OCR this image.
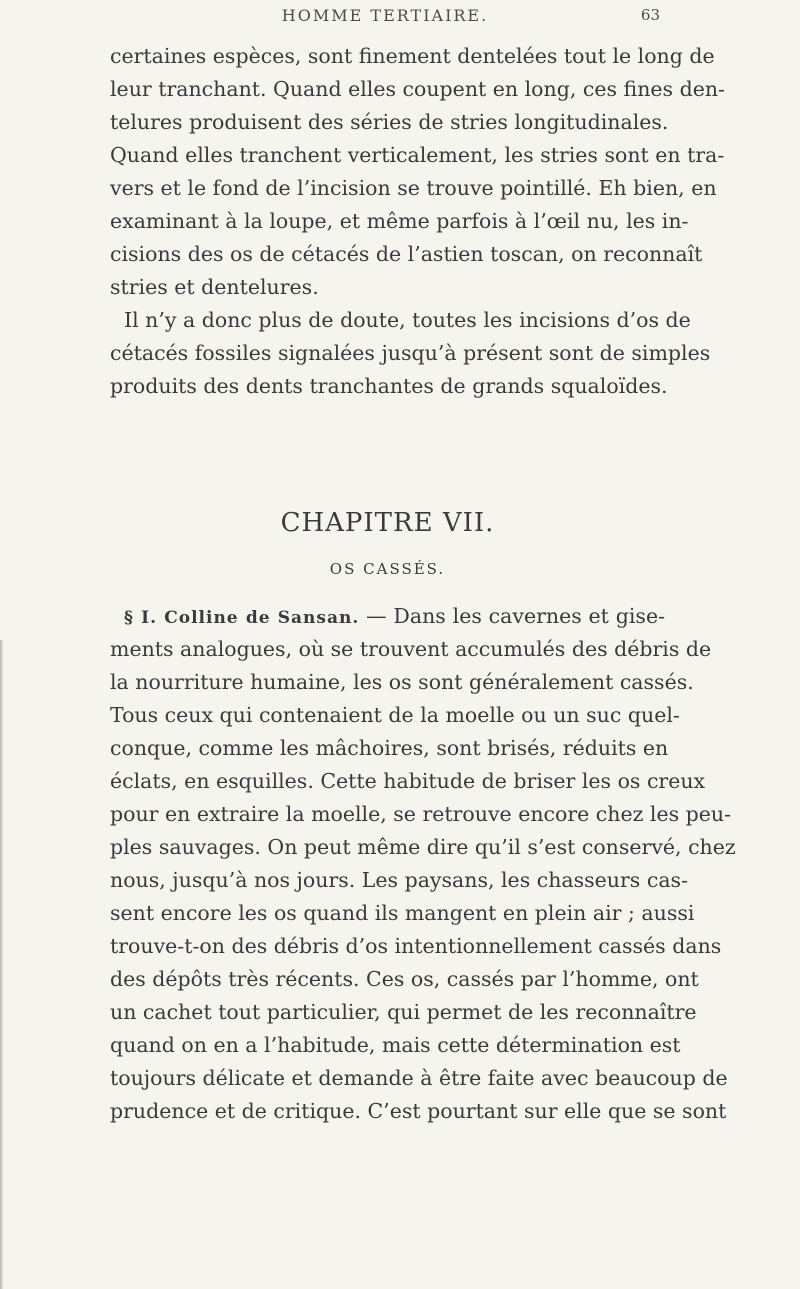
HOMME TERTIAIRE.	63
certaines espèces, sont finement dentelées tout le long de
leur tranchant. Quand elles coupent en long, ces fines den-
telures produisent des séries de stries longitudinales.
Quand elles tranchent verticalement, les stries sont en tra-
vers et le fond de l’incision se trouve pointillé. Eh bien, en
examinant à la loupe, et même parfois à l’œil nu, les in-
cisions des os de cétacés de l’astien toscan, on reconnaît
stries et dentelures.
Il n’y a donc plus de doute, toutes les incisions d’os de
cétacés fossiles signalées jusqu’à présent sont de simples
produits des dents tranchantes de grands squaloïdes.
CHAPITRE VII.
OS CASSÉS.
§ I. Colline de Sansan. — Dans les cavernes et gise-
ments analogues, où se trouvent accumulés des débris de
la nourriture humaine, les os sont généralement cassés.
Tous ceux qui contenaient de la moelle ou un suc quel-
conque, comme les mâchoires, sont brisés, réduits en
éclats, en esquilles. Cette habitude de briser les os creux
pour en extraire la moelle, se retrouve encore chez les peu-
ples sauvages. On peut même dire qu’il s’est conservé, chez
nous, jusqu’à nos jours. Les paysans, les chasseurs cas-
sent encore les os quand ils mangent en plein air ; aussi
trouve-t-on des débris d’os intentionnellement cassés dans
des dépôts très récents. Ces os, cassés par l’homme, ont
un cachet tout particulier, qui permet de les reconnaître
quand on en a l’habitude, mais cette détermination est
toujours délicate et demande à être faite avec beaucoup de
prudence et de critique. C’est pourtant sur elle que se sont
